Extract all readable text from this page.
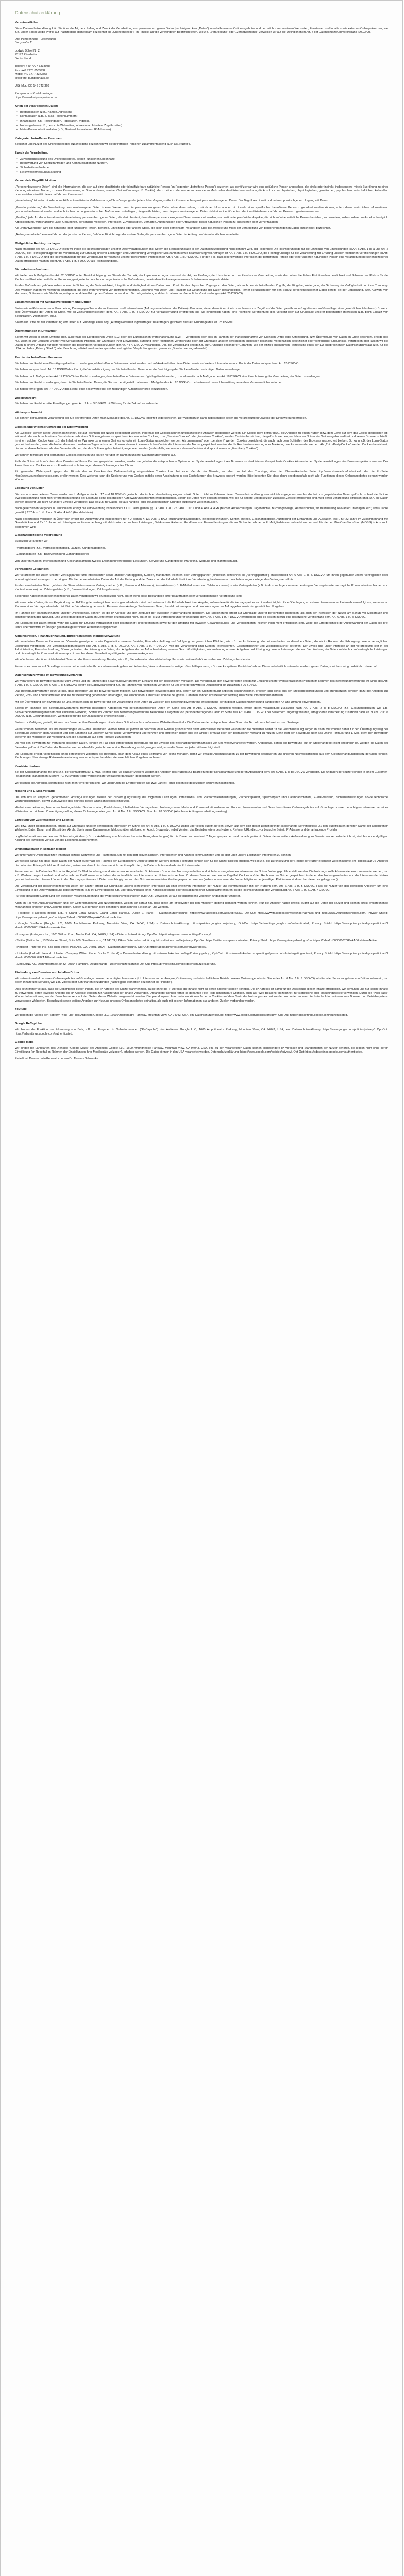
Datenschutzerklärung
Verantwortlicher

Diese Datenschutzerklärung klärt Sie über die Art, den Umfang und Zweck der Verarbeitung von personenbezogenen Daten (nachfolgend kurz „Daten“) innerhalb unseres Onlineangebotes und der mit ihm verbundenen Webseiten, Funktionen und Inhalte sowie externen Onlinepräsenzen, wie z.B. unser Social Media Profile auf (nachfolgend gemeinsam bezeichnet als „Onlineangebot“). Im Hinblick auf die verwendeten Begrifflichkeiten, wie z.B. „Verarbeitung“ oder „Verantwortlicher“ verweisen wir auf die Definitionen im Art. 4 der Datenschutzgrundverordnung (DSGVO).

Drei Pumpenhaus - Lederwaren
Burgstraße 11
Ludwig Bölsel Nr. 2
75177 Pforzheim
Deutschland
Telefon: +49 7777 3338088
Fax: +49 7775 8533932
Mobil: +49 1777 3343555
info@drei-pumpenhaus.de
USt-IdNr.: DE 146 743 360
Pumpenhaus Kontaktanfrage:
https://www.drei-pumpenhaus.de
Arten der verarbeiteten Daten:
• Bestandsdaten (z.B., Namen, Adressen).
• Kontaktdaten (z.B., E-Mail, Telefonnummern).
• Inhaltsdaten (z.B., Texteingaben, Fotografien, Videos).
• Nutzungsdaten (z.B., besuchte Webseiten, Interesse an Inhalten, Zugriffszeiten).
• Meta-/Kommunikationsdaten (z.B., Geräte-Informationen, IP-Adressen).
Kategorien betroffener Personen

Besucher und Nutzer des Onlineangebotes (Nachfolgend bezeichnen wir die betroffenen Personen zusammenfassend auch als „Nutzer“).

Zweck der Verarbeitung
• Zurverfügungstellung des Onlineangebotes, seiner Funktionen und Inhalte.
• Beantwortung von Kontaktanfragen und Kommunikation mit Nutzern.
• Sicherheitsmaßnahmen.
• Reichweitenmessung/Marketing
Verwendete Begrifflichkeiten

„Personenbezogene Daten“ sind alle Informationen, die sich auf eine identifizierte oder identifizierbare natürliche Person (im Folgenden „betroffene Person“) beziehen; als identifizierbar wird eine natürliche Person angesehen, die direkt oder indirekt, insbesondere mittels Zuordnung zu einer Kennung wie einem Namen, zu einer Kennnummer, zu Standortdaten, zu einer Online-Kennung (z.B. Cookie) oder zu einem oder mehreren besonderen Merkmalen identifiziert werden kann, die Ausdruck der physischen, physiologischen, genetischen, psychischen, wirtschaftlichen, kulturellen oder sozialen Identität dieser natürlichen Person sind.

„Verarbeitung“ ist jeder mit oder ohne Hilfe automatisierter Verfahren ausgeführte Vorgang oder jede solche Vorgangsreihe im Zusammenhang mit personenbezogenen Daten. Der Begriff reicht weit und umfasst praktisch jeden Umgang mit Daten.

„Pseudonymisierung“ die Verarbeitung personenbezogener Daten in einer Weise, dass die personenbezogenen Daten ohne Hinzuziehung zusätzlicher Informationen nicht mehr einer spezifischen betroffenen Person zugeordnet werden können, sofern diese zusätzlichen Informationen gesondert aufbewahrt werden und technischen und organisatorischen Maßnahmen unterliegen, die gewährleisten, dass die personenbezogenen Daten nicht einer identifizierten oder identifizierbaren natürlichen Person zugewiesen werden.

„Profiling“ jede Art der automatisierten Verarbeitung personenbezogener Daten, die darin besteht, dass diese personenbezogenen Daten verwendet werden, um bestimmte persönliche Aspekte, die sich auf eine natürliche Person beziehen, zu bewerten, insbesondere um Aspekte bezüglich Arbeitsleistung, wirtschaftliche Lage, Gesundheit, persönliche Vorlieben, Interessen, Zuverlässigkeit, Verhalten, Aufenthaltsort oder Ortswechsel dieser natürlichen Person zu analysieren oder vorherzusagen.

Als „Verantwortlicher“ wird die natürliche oder juristische Person, Behörde, Einrichtung oder andere Stelle, die allein oder gemeinsam mit anderen über die Zwecke und Mittel der Verarbeitung von personenbezogenen Daten entscheidet, bezeichnet.

„Auftragsverarbeiter“ eine natürliche oder juristische Person, Behörde, Einrichtung oder andere Stelle, die personenbezogene Daten im Auftrag des Verantwortlichen verarbeitet.

Maßgebliche Rechtsgrundlagen

Nach Maßgabe des Art. 13 DSGVO teilen wir Ihnen die Rechtsgrundlagen unserer Datenverarbeitungen mit. Sofern die Rechtsgrundlage in der Datenschutzerklärung nicht genannt wird, gilt Folgendes: Die Rechtsgrundlage für die Einholung von Einwilligungen ist Art. 6 Abs. 1 lit. a und Art. 7 DSGVO, die Rechtsgrundlage für die Verarbeitung zur Erfüllung unserer Leistungen und Durchführung vertraglicher Maßnahmen sowie Beantwortung von Anfragen ist Art. 6 Abs. 1 lit. b DSGVO, die Rechtsgrundlage für die Verarbeitung zur Erfüllung unserer rechtlichen Verpflichtungen ist Art. 6 Abs. 1 lit. c DSGVO, und die Rechtsgrundlage für die Verarbeitung zur Wahrung unserer berechtigten Interessen ist Art. 6 Abs. 1 lit. f DSGVO. Für den Fall, dass lebenswichtige Interessen der betroffenen Person oder einer anderen natürlichen Person eine Verarbeitung personenbezogener Daten erforderlich machen, dient Art. 6 Abs. 1 lit. d DSGVO als Rechtsgrundlage.

Sicherheitsmaßnahmen

Wir treffen nach Maßgabe des Art. 32 DSGVO unter Berücksichtigung des Stands der Technik, der Implementierungskosten und der Art, des Umfangs, der Umstände und der Zwecke der Verarbeitung sowie der unterschiedlichen Eintrittswahrscheinlichkeit und Schwere des Risikos für die Rechte und Freiheiten natürlicher Personen, geeignete technische und organisatorische Maßnahmen, um ein dem Risiko angemessenes Schutzniveau zu gewährleisten.

Zu den Maßnahmen gehören insbesondere die Sicherung der Vertraulichkeit, Integrität und Verfügbarkeit von Daten durch Kontrolle des physischen Zugangs zu den Daten, als auch des sie betreffenden Zugriffs, der Eingabe, Weitergabe, der Sicherung der Verfügbarkeit und ihrer Trennung. Des Weiteren haben wir Verfahren eingerichtet, die eine Wahrnehmung von Betroffenenrechten, Löschung von Daten und Reaktion auf Gefährdung der Daten gewährleisten. Ferner berücksichtigen wir den Schutz personenbezogener Daten bereits bei der Entwicklung, bzw. Auswahl von Hardware, Software sowie Verfahren, entsprechend dem Prinzip des Datenschutzes durch Technikgestaltung und durch datenschutzfreundliche Voreinstellungen (Art. 25 DSGVO).

Zusammenarbeit mit Auftragsverarbeitern und Dritten

Sofern wir im Rahmen unserer Verarbeitung Daten gegenüber anderen Personen und Unternehmen (Auftragsverarbeitern oder Dritten) offenbaren, sie an diese übermitteln oder ihnen sonst Zugriff auf die Daten gewähren, erfolgt dies nur auf Grundlage einer gesetzlichen Erlaubnis (z.B. wenn eine Übermittlung der Daten an Dritte, wie an Zahlungsdienstleister, gem. Art. 6 Abs. 1 lit. b DSGVO zur Vertragserfüllung erforderlich ist), Sie eingewilligt haben, eine rechtliche Verpflichtung dies vorsieht oder auf Grundlage unserer berechtigten Interessen (z.B. beim Einsatz von Beauftragten, Webhostern, etc.).

Sofern wir Dritte mit der Verarbeitung von Daten auf Grundlage eines sog. „Auftragsverarbeitungsvertrages“ beauftragen, geschieht dies auf Grundlage des Art. 28 DSGVO.

Übermittlungen in Drittländer

Sofern wir Daten in einem Drittland (d.h. außerhalb der Europäischen Union (EU) oder des Europäischen Wirtschaftsraums (EWR)) verarbeiten oder dies im Rahmen der Inanspruchnahme von Diensten Dritter oder Offenlegung, bzw. Übermittlung von Daten an Dritte geschieht, erfolgt dies nur, wenn es zur Erfüllung unserer (vor)vertraglichen Pflichten, auf Grundlage Ihrer Einwilligung, aufgrund einer rechtlichen Verpflichtung oder auf Grundlage unserer berechtigten Interessen geschieht. Vorbehaltlich gesetzlicher oder vertraglicher Erlaubnisse, verarbeiten oder lassen wir die Daten in einem Drittland nur beim Vorliegen der besonderen Voraussetzungen der Art. 44 ff. DSGVO verarbeiten. D.h. die Verarbeitung erfolgt z.B. auf Grundlage besonderer Garantien, wie der offiziell anerkannten Feststellung eines der EU entsprechenden Datenschutzniveaus (z.B. für die USA durch das „Privacy Shield“) oder Beachtung offiziell anerkannter spezieller vertraglicher Verpflichtungen (so genannte „Standardvertragsklauseln“).

Rechte der betroffenen Personen

Sie haben das Recht, eine Bestätigung darüber zu verlangen, ob betreffende Daten verarbeitet werden und auf Auskunft über diese Daten sowie auf weitere Informationen und Kopie der Daten entsprechend Art. 15 DSGVO.

Sie haben entsprechend. Art. 16 DSGVO das Recht, die Vervollständigung der Sie betreffenden Daten oder die Berichtigung der Sie betreffenden unrichtigen Daten zu verlangen.

Sie haben nach Maßgabe des Art. 17 DSGVO das Recht zu verlangen, dass betreffende Daten unverzüglich gelöscht werden, bzw. alternativ nach Maßgabe des Art. 18 DSGVO eine Einschränkung der Verarbeitung der Daten zu verlangen.

Sie haben das Recht zu verlangen, dass die Sie betreffenden Daten, die Sie uns bereitgestellt haben nach Maßgabe des Art. 20 DSGVO zu erhalten und deren Übermittlung an andere Verantwortliche zu fordern.

Sie haben ferner gem. Art. 77 DSGVO das Recht, eine Beschwerde bei der zuständigen Aufsichtsbehörde einzureichen.

Widerrufsrecht

Sie haben das Recht, erteilte Einwilligungen gem. Art. 7 Abs. 3 DSGVO mit Wirkung für die Zukunft zu widerrufen.

Widerspruchsrecht

Sie können der künftigen Verarbeitung der Sie betreffenden Daten nach Maßgabe des Art. 21 DSGVO jederzeit widersprechen. Der Widerspruch kann insbesondere gegen die Verarbeitung für Zwecke der Direktwerbung erfolgen.

Cookies und Widerspruchsrecht bei Direktwerbung

Als „Cookies“ werden kleine Dateien bezeichnet, die auf Rechnern der Nutzer gespeichert werden. Innerhalb der Cookies können unterschiedliche Angaben gespeichert werden. Ein Cookie dient primär dazu, die Angaben zu einem Nutzer (bzw. dem Gerät auf dem das Cookie gespeichert ist) während oder auch nach seinem Besuch innerhalb eines Onlineangebotes zu speichern. Als temporäre Cookies, bzw. „Session-Cookies“ oder „transiente Cookies“, werden Cookies bezeichnet, die gelöscht werden, nachdem ein Nutzer ein Onlineangebot verlässt und seinen Browser schließt. In einem solchen Cookie kann z.B. der Inhalt eines Warenkorbs in einem Onlineshop oder ein Login-Status gespeichert werden. Als „permanent“ oder „persistent“ werden Cookies bezeichnet, die auch nach dem Schließen des Browsers gespeichert bleiben. So kann z.B. der Login-Status gespeichert werden, wenn die Nutzer diese nach mehreren Tagen aufsuchen. Ebenso können in einem solchen Cookie die Interessen der Nutzer gespeichert werden, die für Reichweitenmessung oder Marketingzwecke verwendet werden. Als „Third-Party-Cookie“ werden Cookies bezeichnet, die von anderen Anbietern als dem Verantwortlichen, der das Onlineangebot betreibt, angeboten werden (andernfalls, wenn es nur dessen Cookies sind spricht man von „First-Party Cookies“).

Wir können temporäre und permanente Cookies einsetzen und klären hierüber im Rahmen unserer Datenschutzerklärung auf.

Falls die Nutzer nicht möchten, dass Cookies auf ihrem Rechner gespeichert werden, werden sie gebeten die entsprechende Option in den Systemeinstellungen ihres Browsers zu deaktivieren. Gespeicherte Cookies können in den Systemeinstellungen des Browsers gelöscht werden. Der Ausschluss von Cookies kann zu Funktionseinschränkungen dieses Onlineangebotes führen.

Ein genereller Widerspruch gegen den Einsatz der zu Zwecken des Onlinemarketing eingesetzten Cookies kann bei einer Vielzahl der Dienste, vor allem im Fall des Trackings, über die US-amerikanische Seite http://www.aboutads.info/choices/ oder die EU-Seite http://www.youronlinechoices.com/ erklärt werden. Des Weiteren kann die Speicherung von Cookies mittels deren Abschaltung in den Einstellungen des Browsers erreicht werden. Bitte beachten Sie, dass dann gegebenenfalls nicht alle Funktionen dieses Onlineangebotes genutzt werden können.

Löschung von Daten

Die von uns verarbeiteten Daten werden nach Maßgabe der Art. 17 und 18 DSGVO gelöscht oder in ihrer Verarbeitung eingeschränkt. Sofern nicht im Rahmen dieser Datenschutzerklärung ausdrücklich angegeben, werden die bei uns gespeicherten Daten gelöscht, sobald sie für ihre Zweckbestimmung nicht mehr erforderlich sind und der Löschung keine gesetzlichen Aufbewahrungspflichten entgegenstehen. Sofern die Daten nicht gelöscht werden, weil sie für andere und gesetzlich zulässige Zwecke erforderlich sind, wird deren Verarbeitung eingeschränkt. D.h. die Daten werden gesperrt und nicht für andere Zwecke verarbeitet. Das gilt z.B. für Daten, die aus handels- oder steuerrechtlichen Gründen aufbewahrt werden müssen.

Nach gesetzlichen Vorgaben in Deutschland, erfolgt die Aufbewahrung insbesondere für 10 Jahre gemäß §§ 147 Abs. 1 AO, 257 Abs. 1 Nr. 1 und 4, Abs. 4 HGB (Bücher, Aufzeichnungen, Lageberichte, Buchungsbelege, Handelsbücher, für Besteuerung relevanter Unterlagen, etc.) und 6 Jahre gemäß § 257 Abs. 1 Nr. 2 und 3, Abs. 4 HGB (Handelsbriefe).

Nach gesetzlichen Vorgaben in Österreich erfolgt die Aufbewahrung insbesondere für 7 J gemäß § 132 Abs. 1 BAO (Buchhaltungsunterlagen, Belege/Rechnungen, Konten, Belege, Geschäftspapiere, Aufstellung der Einnahmen und Ausgaben, etc.), für 22 Jahre im Zusammenhang mit Grundstücken und für 10 Jahre bei Unterlagen im Zusammenhang mit elektronisch erbrachten Leistungen, Telekommunikations-, Rundfunk- und Fernsehleistungen, die an Nichtunternehmer in EU-Mitgliedstaaten erbracht werden und für die der Mini-One-Stop-Shop (MOSS) in Anspruch genommen wird.

Geschäftsbezogene Verarbeitung

Zusätzlich verarbeiten wir

- Vertragsdaten (z.B., Vertragsgegenstand, Laufzeit, Kundenkategorie).

- Zahlungsdaten (z.B., Bankverbindung, Zahlungshistorie)

von unseren Kunden, Interessenten und Geschäftspartnern zwecks Erbringung vertraglicher Leistungen, Service und Kundenpflege, Marketing, Werbung und Marktforschung.

Vertragliche Leistungen

Wir verarbeiten die Daten unserer Vertragspartner und Interessenten sowie anderer Auftraggeber, Kunden, Mandanten, Klienten oder Vertragspartner (einheitlich bezeichnet als „Vertragspartner“) entsprechend Art. 6 Abs. 1 lit. b. DSGVO, um ihnen gegenüber unsere vertraglichen oder vorvertraglichen Leistungen zu erbringen. Die hierbei verarbeiteten Daten, die Art, der Umfang und der Zweck und die Erforderlichkeit ihrer Verarbeitung, bestimmen sich nach dem zugrundeliegenden Vertragsverhältnis.

Zu den verarbeiteten Daten gehören die Stammdaten unserer Vertragspartner (z.B., Namen und Adressen), Kontaktdaten (z.B. E-Mailadressen und Telefonnummern) sowie Vertragsdaten (z.B., in Anspruch genommene Leistungen, Vertragsinhalte, vertragliche Kommunikation, Namen von Kontaktpersonen) und Zahlungsdaten (z.B., Bankverbindungen, Zahlungshistorie).

Besondere Kategorien personenbezogener Daten verarbeiten wir grundsätzlich nicht, außer wenn diese Bestandteile einer beauftragten oder vertragsgemäßen Verarbeitung sind.

Wir verarbeiten Daten, die zur Begründung und Erfüllung der vertraglichen Leistungen erforderlich sind und weisen auf die Erforderlichkeit ihrer Angabe, sofern diese für die Vertragspartner nicht evident ist, hin. Eine Offenlegung an externe Personen oder Unternehmen erfolgt nur, wenn sie im Rahmen eines Vertrags erforderlich ist. Bei der Verarbeitung der uns im Rahmen eines Auftrags überlassenen Daten, handeln wir entsprechend den Weisungen der Auftraggeber sowie der gesetzlichen Vorgaben.

Im Rahmen der Inanspruchnahme unserer Onlinedienste, können wir die IP-Adresse und den Zeitpunkt der jeweiligen Nutzerhandlung speichern. Die Speicherung erfolgt auf Grundlage unserer berechtigten Interessen, als auch der Interessen der Nutzer am Schutz vor Missbrauch und sonstiger unbefugter Nutzung. Eine Weitergabe dieser Daten an Dritte erfolgt grundsätzlich nicht, außer sie ist zur Verfolgung unserer Ansprüche gem. Art. 6 Abs. 1 lit. f. DSGVO erforderlich oder es besteht hierzu eine gesetzliche Verpflichtung gem. Art. 6 Abs. 1 lit. c. DSGVO.

Die Löschung der Daten erfolgt, wenn die Daten zur Erfüllung vertraglicher oder gesetzlicher Fürsorgepflichten sowie für den Umgang mit etwaigen Gewährleistungs- und vergleichbaren Pflichten nicht mehr erforderlich sind, wobei die Erforderlichkeit der Aufbewahrung der Daten alle drei Jahre überprüft wird; im Übrigen gelten die gesetzlichen Aufbewahrungspflichten.

Administration, Finanzbuchhaltung, Büroorganisation, Kontaktverwaltung

Wir verarbeiten Daten im Rahmen von Verwaltungsaufgaben sowie Organisation unseres Betriebs, Finanzbuchhaltung und Befolgung der gesetzlichen Pflichten, wie z.B. der Archivierung. Hierbei verarbeiten wir dieselben Daten, die wir im Rahmen der Erbringung unserer vertraglichen Leistungen verarbeiten. Die Verarbeitungsgrundlagen sind Art. 6 Abs. 1 lit. c. DSGVO, Art. 6 Abs. 1 lit. f. DSGVO. Von der Verarbeitung sind Kunden, Interessenten, Geschäftspartner und Websitebesucher betroffen. Der Zweck und unser Interesse an der Verarbeitung liegt in der Administration, Finanzbuchhaltung, Büroorganisation, Archivierung von Daten, also Aufgaben die der Aufrechterhaltung unserer Geschäftstätigkeiten, Wahrnehmung unserer Aufgaben und Erbringung unserer Leistungen dienen. Die Löschung der Daten im Hinblick auf vertragliche Leistungen und die vertragliche Kommunikation entspricht den, bei diesen Verarbeitungstätigkeiten genannten Angaben.

Wir offenbaren oder übermitteln hierbei Daten an die Finanzverwaltung, Berater, wie z.B., Steuerberater oder Wirtschaftsprüfer sowie weitere Gebührenstellen und Zahlungsdienstleister.

Ferner speichern wir auf Grundlage unserer betriebswirtschaftlichen Interessen Angaben zu Lieferanten, Veranstaltern und sonstigen Geschäftspartnern, z.B. zwecks späterer Kontaktaufnahme. Diese mehrheitlich unternehmensbezogenen Daten, speichern wir grundsätzlich dauerhaft.

Datenschutzhinweise im Bewerbungsverfahren

Wir verarbeiten die Bewerberdaten nur zum Zweck und im Rahmen des Bewerbungsverfahrens im Einklang mit den gesetzlichen Vorgaben. Die Verarbeitung der Bewerberdaten erfolgt zur Erfüllung unserer (vor)vertraglichen Pflichten im Rahmen des Bewerbungsverfahrens im Sinne des Art. 6 Abs. 1 lit. b. DSGVO Art. 6 Abs. 1 lit. f. DSGVO sofern die Datenverarbeitung z.B. im Rahmen von rechtlichen Verfahren für uns erforderlich wird (in Deutschland gilt zusätzlich § 26 BDSG).

Das Bewerbungsverfahren setzt voraus, dass Bewerber uns die Bewerberdaten mitteilen. Die notwendigen Bewerberdaten sind, sofern wir ein Onlineformular anbieten gekennzeichnet, ergeben sich sonst aus den Stellenbeschreibungen und grundsätzlich gehören dazu die Angaben zur Person, Post- und Kontaktadressen und die zur Bewerbung gehörenden Unterlagen, wie Anschreiben, Lebenslauf und die Zeugnisse. Daneben können uns Bewerber freiwillig zusätzliche Informationen mitteilen.

Mit der Übermittlung der Bewerbung an uns, erklären sich die Bewerber mit der Verarbeitung ihrer Daten zu Zwecken des Bewerbungsverfahrens entsprechend der in dieser Datenschutzerklärung dargelegten Art und Umfang einverstanden.

Soweit im Rahmen des Bewerbungsverfahrens freiwillig besondere Kategorien von personenbezogenen Daten im Sinne des Art. 9 Abs. 1 DSGVO mitgeteilt werden, erfolgt deren Verarbeitung zusätzlich nach Art. 9 Abs. 2 lit. b DSGVO (z.B. Gesundheitsdaten, wie z.B. Schwerbehinderteneigenschaft oder ethnische Herkunft). Soweit im Rahmen des Bewerbungsverfahrens besondere Kategorien von personenbezogenen Daten im Sinne des Art. 9 Abs. 1 DSGVO bei Bewerbern angefragt werden, erfolgt deren Verarbeitung zusätzlich nach Art. 9 Abs. 2 lit. a DSGVO (z.B. Gesundheitsdaten, wenn diese für die Berufsausübung erforderlich sind).

Sofern zur Verfügung gestellt, können uns Bewerber ihre Bewerbungen mittels eines Onlineformulars auf unserer Website übermitteln. Die Daten werden entsprechend dem Stand der Technik verschlüsselt an uns übertragen.

Ferner können Bewerber uns ihre Bewerbungen via E-Mail übermitteln. Hierbei bitten wir jedoch zu beachten, dass E-Mails grundsätzlich nicht verschlüsselt versendet werden und die Bewerber selbst für die Verschlüsselung sorgen müssen. Wir können daher für den Übertragungsweg der Bewerbung zwischen dem Absender und dem Empfang auf unserem Server keine Verantwortung übernehmen und empfehlen daher eher ein Online-Formular oder den postalischen Versand zu nutzen. Denn statt der Bewerbung über das Online-Formular und E-Mail, steht den Bewerbern weiterhin die Möglichkeit zur Verfügung, uns die Bewerbung auf dem Postweg zuzusenden.

Die von den Bewerbern zur Verfügung gestellten Daten, können im Fall einer erfolgreichen Bewerbung für die Zwecke des Beschäftigungsverhältnisses von uns weiterverarbeitet werden. Andernfalls, sofern die Bewerbung auf ein Stellenangebot nicht erfolgreich ist, werden die Daten der Bewerber gelöscht. Die Daten der Bewerber werden ebenfalls gelöscht, wenn eine Bewerbung zurückgezogen wird, wozu die Bewerber jederzeit berechtigt sind.

Die Löschung erfolgt, vorbehaltlich eines berechtigten Widerrufs der Bewerber, nach dem Ablauf eines Zeitraums von sechs Monaten, damit wir etwaige Anschlussfragen zu der Bewerbung beantworten und unseren Nachweispflichten aus dem Gleichbehandlungsgesetz genügen können. Rechnungen über etwaige Reisekostenerstattung werden entsprechend den steuerrechtlichen Vorgaben archiviert.

Kontaktaufnahme

Bei der Kontaktaufnahme mit uns (z.B. per Kontaktformular, E-Mail, Telefon oder via sozialer Medien) werden die Angaben des Nutzers zur Bearbeitung der Kontaktanfrage und deren Abwicklung gem. Art. 6 Abs. 1 lit. b) DSGVO verarbeitet. Die Angaben der Nutzer können in einem Customer-Relationship-Management System ("CRM System") oder vergleichbarer Anfragenorganisation gespeichert werden.

Wir löschen die Anfragen, sofern diese nicht mehr erforderlich sind. Wir überprüfen die Erforderlichkeit alle zwei Jahre; Ferner gelten die gesetzlichen Archivierungspflichten.

Hosting und E-Mail-Versand

Die von uns in Anspruch genommenen Hosting-Leistungen dienen der Zurverfügungstellung der folgenden Leistungen: Infrastruktur- und Plattformdienstleistungen, Rechenkapazität, Speicherplatz und Datenbankdienste, E-Mail-Versand, Sicherheitsleistungen sowie technische Wartungsleistungen, die wir zum Zwecke des Betriebs dieses Onlineangebotes einsetzen.

Hierbei verarbeiten wir, bzw. unser Hostinganbieter Bestandsdaten, Kontaktdaten, Inhaltsdaten, Vertragsdaten, Nutzungsdaten, Meta- und Kommunikationsdaten von Kunden, Interessenten und Besuchern dieses Onlineangebotes auf Grundlage unserer berechtigten Interessen an einer effizienten und sicheren Zurverfügungstellung dieses Onlineangebotes gem. Art. 6 Abs. 1 lit. f DSGVO i.V.m. Art. 28 DSGVO (Abschluss Auftragsverarbeitungsvertrag).

Erhebung von Zugriffsdaten und Logfiles

Wir, bzw. unser Hostinganbieter, erhebt auf Grundlage unserer berechtigten Interessen im Sinne des Art. 6 Abs. 1 lit. f. DSGVO Daten über jeden Zugriff auf den Server, auf dem sich dieser Dienst befindet (sogenannte Serverlogfiles). Zu den Zugriffsdaten gehören Name der abgerufenen Webseite, Datei, Datum und Uhrzeit des Abrufs, übertragene Datenmenge, Meldung über erfolgreichen Abruf, Browsertyp nebst Version, das Betriebssystem des Nutzers, Referrer URL (die zuvor besuchte Seite), IP-Adresse und der anfragende Provider.

Logfile-Informationen werden aus Sicherheitsgründen (z.B. zur Aufklärung von Missbrauchs- oder Betrugshandlungen) für die Dauer von maximal 7 Tagen gespeichert und danach gelöscht. Daten, deren weitere Aufbewahrung zu Beweiszwecken erforderlich ist, sind bis zur endgültigen Klärung des jeweiligen Vorfalls von der Löschung ausgenommen.

Onlinepräsenzen in sozialen Medien

Wir unterhalten Onlinepräsenzen innerhalb sozialer Netzwerke und Plattformen, um mit den dort aktiven Kunden, Interessenten und Nutzern kommunizieren und sie dort über unsere Leistungen informieren zu können.

Wir weisen darauf hin, dass dabei Daten der Nutzer außerhalb des Raumes der Europäischen Union verarbeitet werden können. Hierdurch können sich für die Nutzer Risiken ergeben, weil so z.B. die Durchsetzung der Rechte der Nutzer erschwert werden könnte. Im Hinblick auf US-Anbieter die unter dem Privacy-Shield zertifiziert sind, weisen wir darauf hin, dass sie sich damit verpflichten, die Datenschutzstandards der EU einzuhalten.

Ferner werden die Daten der Nutzer im Regelfall für Marktforschungs- und Werbezwecke verarbeitet. So können z.B. aus dem Nutzungsverhalten und sich daraus ergebenden Interessen der Nutzer Nutzungsprofile erstellt werden. Die Nutzungsprofile können wiederum verwendet werden, um z.B. Werbeanzeigen innerhalb und außerhalb der Plattformen zu schalten, die mutmaßlich den Interessen der Nutzer entsprechen. Zu diesen Zwecken werden im Regelfall Cookies auf den Rechnern der Nutzer gespeichert, in denen das Nutzungsverhalten und die Interessen der Nutzer gespeichert werden. Ferner können in den Nutzungsprofilen auch Daten unabhängig der von den Nutzern verwendeten Geräte gespeichert werden (insbesondere wenn die Nutzer Mitglieder der jeweiligen Plattformen sind und bei diesen eingeloggt sind).

Die Verarbeitung der personenbezogenen Daten der Nutzer erfolgt auf Grundlage unserer berechtigten Interessen an einer effektiven Information der Nutzer und Kommunikation mit den Nutzern gem. Art. 6 Abs. 1 lit. f. DSGVO. Falls die Nutzer von den jeweiligen Anbietern um eine Einwilligung in die Datenverarbeitung gebeten werden (d.h. ihr Einverständnis z.B. über das Anhaken eines Kontrollkästchens oder Bestätigung einer Schaltfläche erklären) ist die Rechtsgrundlage der Verarbeitung Art. 6 Abs. 1 lit. a., Art. 7 DSGVO.

Für eine detaillierte Darstellung der jeweiligen Verarbeitungen und der Widerspruchsmöglichkeiten (Opt-Out), verweisen wir auf die nachfolgend verlinkten Angaben der Anbieter.

Auch im Fall von Auskunftsanfragen und der Geltendmachung von Nutzerrechten, weisen wir darauf hin, dass diese am effektivsten bei den Anbietern geltend gemacht werden können. Nur die Anbieter haben jeweils Zugriff auf die Daten der Nutzer und können direkt entsprechende Maßnahmen ergreifen und Auskünfte geben. Sollten Sie dennoch Hilfe benötigen, dann können Sie sich an uns wenden.

- Facebook (Facebook Ireland Ltd., 4 Grand Canal Square, Grand Canal Harbour, Dublin 2, Irland) – Datenschutzerklärung: https://www.facebook.com/about/privacy/, Opt-Out: https://www.facebook.com/settings?tab=ads und http://www.youronlinechoices.com, Privacy Shield: https://www.privacyshield.gov/participant?id=a2zt0000000GnywAAC&status=Active.

- Google/ YouTube (Google LLC, 1600 Amphitheatre Parkway, Mountain View, CA 94043, USA) – Datenschutzerklärung: https://policies.google.com/privacy, Opt-Out: https://adssettings.google.com/authenticated, Privacy Shield: https://www.privacyshield.gov/participant?id=a2zt000000001L5AAI&status=Active.

- Instagram (Instagram Inc., 1601 Willow Road, Menlo Park, CA, 94025, USA) – Datenschutzerklärung/ Opt-Out: http://instagram.com/about/legal/privacy/.

- Twitter (Twitter Inc., 1355 Market Street, Suite 900, San Francisco, CA 94103, USA) – Datenschutzerklärung: https://twitter.com/de/privacy, Opt-Out: https://twitter.com/personalization, Privacy Shield: https://www.privacyshield.gov/participant?id=a2zt0000000TORzAAO&status=Active.

- Pinterest (Pinterest Inc., 635 High Street, Palo Alto, CA, 94301, USA) – Datenschutzerklärung/ Opt-Out: https://about.pinterest.com/de/privacy-policy.

- LinkedIn (LinkedIn Ireland Unlimited Company Wilton Place, Dublin 2, Irland) – Datenschutzerklärung https://www.linkedin.com/legal/privacy-policy , Opt-Out: https://www.linkedin.com/psettings/guest-controls/retargeting-opt-out, Privacy Shield: https://www.privacyshield.gov/participant?id=a2zt0000000L0UZAA0&status=Active.

- Xing (XING AG, Dammtorstraße 29-32, 20354 Hamburg, Deutschland) – Datenschutzerklärung/ Opt-Out: https://privacy.xing.com/de/datenschutzerklaerung.

Einbindung von Diensten und Inhalten Dritter

Wir setzen innerhalb unseres Onlineangebotes auf Grundlage unserer berechtigten Interessen (d.h. Interesse an der Analyse, Optimierung und wirtschaftlichem Betrieb unseres Onlineangebotes im Sinne des Art. 6 Abs. 1 lit. f. DSGVO) Inhalts- oder Serviceangebote von Drittanbietern ein, um deren Inhalte und Services, wie z.B. Videos oder Schriftarten einzubinden (nachfolgend einheitlich bezeichnet als “Inhalte”).

Dies setzt immer voraus, dass die Drittanbieter dieser Inhalte, die IP-Adresse der Nutzer wahrnehmen, da sie ohne die IP-Adresse die Inhalte nicht an deren Browser senden könnten. Die IP-Adresse ist damit für die Darstellung dieser Inhalte erforderlich. Wir bemühen uns nur solche Inhalte zu verwenden, deren jeweilige Anbieter die IP-Adresse lediglich zur Auslieferung der Inhalte verwenden. Drittanbieter können ferner so genannte Pixel-Tags (unsichtbare Grafiken, auch als "Web Beacons" bezeichnet) für statistische oder Marketingzwecke verwenden. Durch die "Pixel-Tags" können Informationen, wie der Besucherverkehr auf den Seiten dieser Website ausgewertet werden. Die pseudonymen Informationen können ferner in Cookies auf dem Gerät der Nutzer gespeichert werden und unter anderem technische Informationen zum Browser und Betriebssystem, verweisende Webseiten, Besuchszeit sowie weitere Angaben zur Nutzung unseres Onlineangebotes enthalten, als auch mit solchen Informationen aus anderen Quellen verbunden werden.

Youtube

Wir binden die Videos der Plattform “YouTube” des Anbieters Google LLC, 1600 Amphitheatre Parkway, Mountain View, CA 94043, USA, ein. Datenschutzerklärung: https://www.google.com/policies/privacy/, Opt-Out: https://adssettings.google.com/authenticated.

Google ReCaptcha

Wir binden die Funktion zur Erkennung von Bots, z.B. bei Eingaben in Onlineformularen ("ReCaptcha") des Anbieters Google LLC, 1600 Amphitheatre Parkway, Mountain View, CA 94043, USA, ein. Datenschutzerklärung: https://www.google.com/policies/privacy/, Opt-Out: https://adssettings.google.com/authenticated.

Google Maps

Wir binden die Landkarten des Dienstes “Google Maps” des Anbieters Google LLC, 1600 Amphitheatre Parkway, Mountain View, CA 94043, USA, ein. Zu den verarbeiteten Daten können insbesondere IP-Adressen und Standortdaten der Nutzer gehören, die jedoch nicht ohne deren Einwilligung (im Regelfall im Rahmen der Einstellungen ihrer Mobilgeräte vollzogen), erhoben werden. Die Daten können in den USA verarbeitet werden. Datenschutzerklärung: https://www.google.com/policies/privacy/, Opt-Out: https://adssettings.google.com/authenticated.

Erstellt mit Datenschutz-Generator.de von Dr. Thomas Schwenke
